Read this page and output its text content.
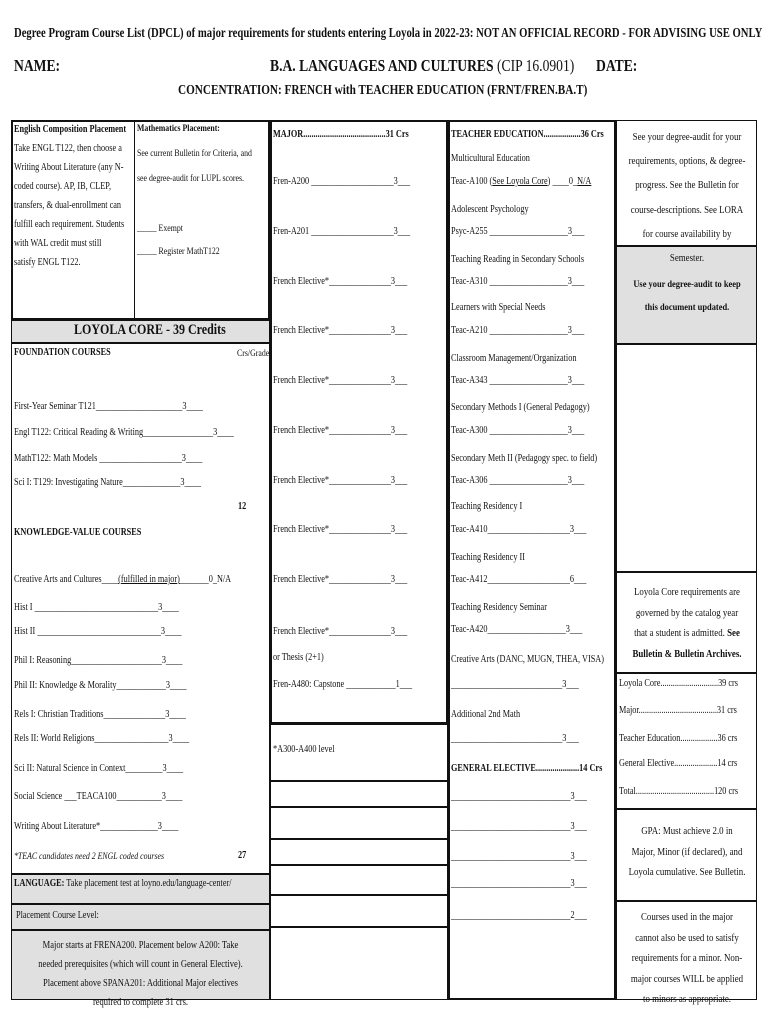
Degree Program Course List (DPCL) of major requirements for students entering Loyola in 2022-23: NOT AN OFFICIAL RECORD - FOR ADVISING USE ONLY
NAME:	B.A. LANGUAGES AND CULTURES (CIP 16.0901)	DATE:
CONCENTRATION: FRENCH with TEACHER EDUCATION (FRNT/FREN.BA.T)
English Composition Placement
Take ENGL T122, then choose a
Writing About Literature (any N-
coded course). AP, IB, CLEP,
transfers, & dual-enrollment can
fulfill each requirement. Students
with WAL credit must still
satisfy ENGL T122.
Mathematics Placement:
See current Bulletin for Criteria, and
see degree-audit for LUPL scores.
_____ Exempt
_____ Register MathT122
LOYOLA CORE - 39 Credits
FOUNDATION COURSES	Crs/Grade
First-Year Seminar T121_____________________3____
Engl T122: Critical Reading & Writing_________________3____
MathT122: Math Models ____________________3____
Sci I: T129: Investigating Nature______________3____
12
KNOWLEDGE-VALUE COURSES
Creative Arts and Cultures____(fulfilled in major)_______0_N/A
Hist I ______________________________3____
Hist II ______________________________3____
Phil I: Reasoning______________________3____
Phil II: Knowledge & Morality____________3____
Rels I: Christian Traditions_______________3____
Rels II: World Religions__________________3____
Sci II: Natural Science in Context_________3____
Social Science ___TEACA100___________3____
Writing About Literature*______________3____
*TEAC candidates need 2 ENGL coded courses	27
LANGUAGE: Take placement test at loyno.edu/language-center/
Placement Course Level:
Major starts at FRENA200. Placement below A200: Take needed prerequisites (which will count in General Elective). Placement above SPANA201: Additional Major electives required to complete 31 crs.
MAJOR........................................31 Crs
Fren-A200 ____________________3___
Fren-A201 ____________________3___
French Elective*_______________3___
French Elective*_______________3___
French Elective*_______________3___
French Elective*_______________3___
French Elective*_______________3___
French Elective*_______________3___
French Elective*_______________3___
French Elective*_______________3___
or Thesis (2+1)
Fren-A480: Capstone ____________1___
*A300-A400 level
TEACHER EDUCATION..................36 Crs
Multicultural Education
Teac-A100 (See Loyola Core) ____0_N/A
Adolescent Psychology
Psyc-A255 ___________________3___
Teaching Reading in Secondary Schools
Teac-A310 ___________________3___
Learners with Special Needs
Teac-A210 ___________________3___
Classroom Management/Organization
Teac-A343 ___________________3___
Secondary Methods I (General Pedagogy)
Teac-A300 ___________________3___
Secondary Meth II (Pedagogy spec. to field)
Teac-A306 ___________________3___
Teaching Residency I
Teac-A410____________________3___
Teaching Residency II
Teac-A412____________________6___
Teaching Residency Seminar
Teac-A420___________________3___
Creative Arts (DANC, MUGN, THEA, VISA)
___________________________3___
Additional 2nd Math
___________________________3___
GENERAL ELECTIVE.....................14 Crs
_____________________________3___
_____________________________3___
_____________________________3___
_____________________________3___
_____________________________2___
See your degree-audit for your requirements, options, & degree-progress. See the Bulletin for course-descriptions. See LORA for course availability by Semester.
Use your degree-audit to keep this document updated.
Loyola Core requirements are governed by the catalog year that a student is admitted. See Bulletin & Bulletin Archives.
Loyola Core............................39 crs
Major......................................31 crs
Teacher Education..................36 crs
General Elective.....................14 crs
Total......................................120 crs
GPA: Must achieve 2.0 in Major, Minor (if declared), and Loyola cumulative. See Bulletin.
Courses used in the major cannot also be used to satisfy requirements for a minor. Non-major courses WILL be applied to minors as appropriate.
